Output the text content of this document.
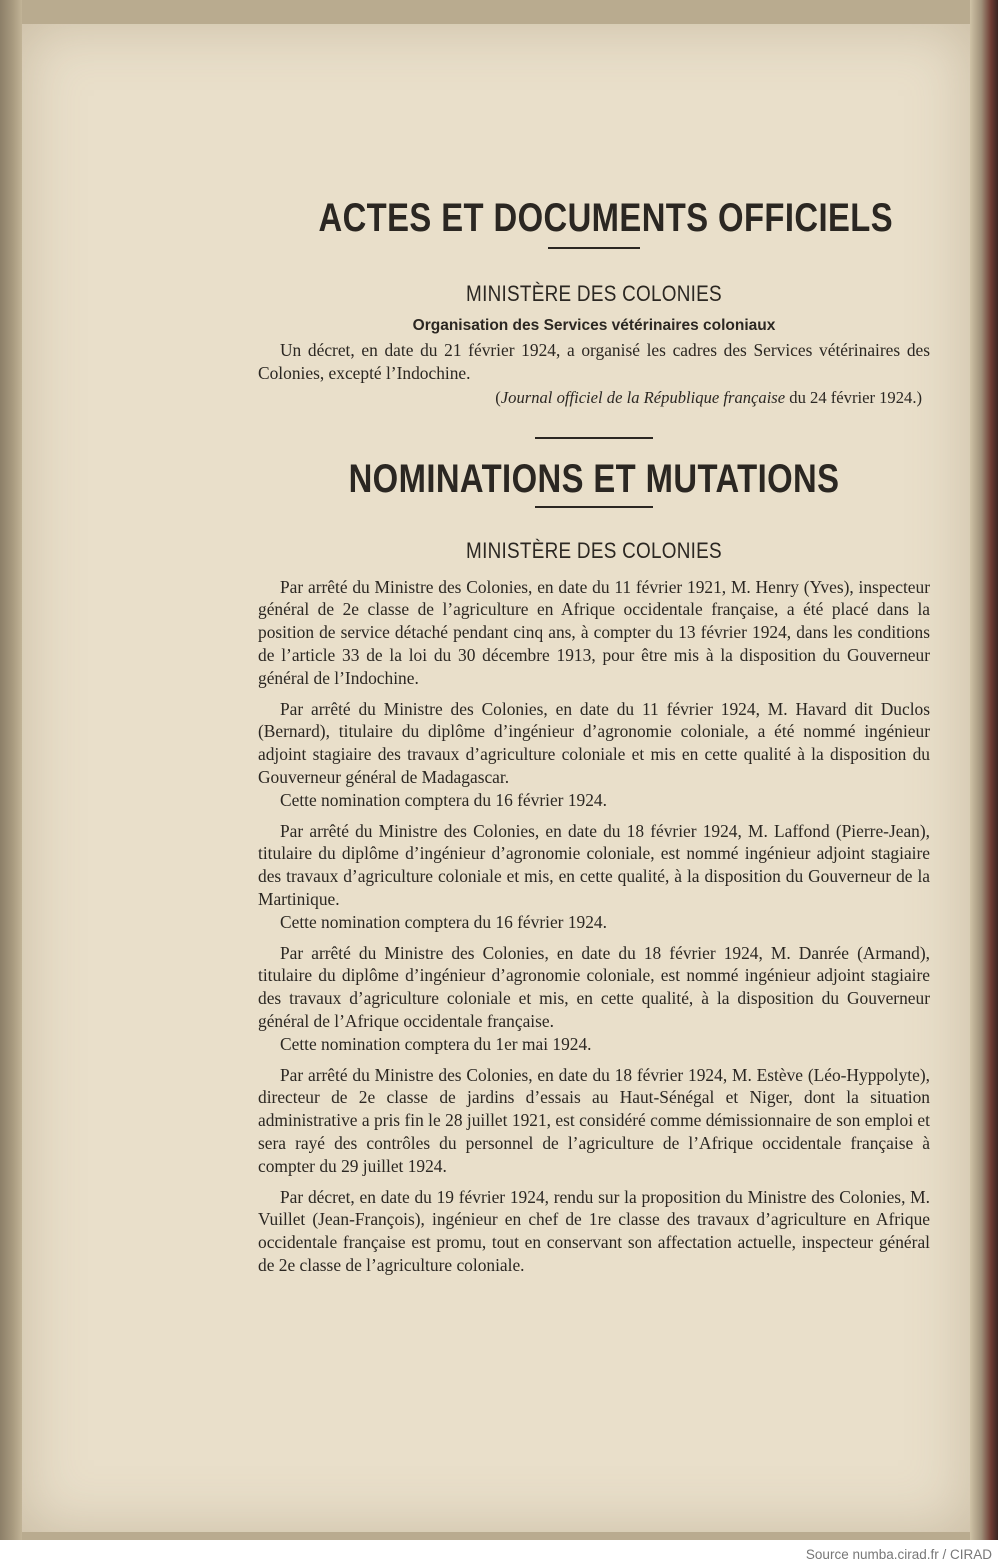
ACTES ET DOCUMENTS OFFICIELS
MINISTÈRE DES COLONIES
Organisation des Services vétérinaires coloniaux

Un décret, en date du 21 février 1924, a organisé les cadres des Services vétérinaires des Colonies, excepté l’Indochine.

(Journal officiel de la République française du 24 février 1924.)
NOMINATIONS ET MUTATIONS
MINISTÈRE DES COLONIES

Par arrêté du Ministre des Colonies, en date du 11 février 1921, M. Henry (Yves), inspecteur général de 2e classe de l’agriculture en Afrique occidentale française, a été placé dans la position de service détaché pendant cinq ans, à compter du 13 février 1924, dans les conditions de l’article 33 de la loi du 30 décembre 1913, pour être mis à la disposition du Gouverneur général de l’Indochine.

Par arrêté du Ministre des Colonies, en date du 11 février 1924, M. Havard dit Duclos (Bernard), titulaire du diplôme d’ingénieur d’agronomie coloniale, a été nommé ingénieur adjoint stagiaire des travaux d’agriculture coloniale et mis en cette qualité à la disposition du Gouverneur général de Madagascar.

Cette nomination comptera du 16 février 1924.

Par arrêté du Ministre des Colonies, en date du 18 février 1924, M. Laffond (Pierre-Jean), titulaire du diplôme d’ingénieur d’agronomie coloniale, est nommé ingénieur adjoint stagiaire des travaux d’agriculture coloniale et mis, en cette qualité, à la disposition du Gouverneur de la Martinique.

Cette nomination comptera du 16 février 1924.

Par arrêté du Ministre des Colonies, en date du 18 février 1924, M. Danrée (Armand), titulaire du diplôme d’ingénieur d’agronomie coloniale, est nommé ingénieur adjoint stagiaire des travaux d’agriculture coloniale et mis, en cette qualité, à la disposition du Gouverneur général de l’Afrique occidentale française.

Cette nomination comptera du 1er mai 1924.

Par arrêté du Ministre des Colonies, en date du 18 février 1924, M. Estève (Léo-Hyppolyte), directeur de 2e classe de jardins d’essais au Haut-Sénégal et Niger, dont la situation administrative a pris fin le 28 juillet 1921, est considéré comme démissionnaire de son emploi et sera rayé des contrôles du personnel de l’agriculture de l’Afrique occidentale française à compter du 29 juillet 1924.

Par décret, en date du 19 février 1924, rendu sur la proposition du Ministre des Colonies, M. Vuillet (Jean-François), ingénieur en chef de 1re classe des travaux d’agriculture en Afrique occidentale française est promu, tout en conservant son affectation actuelle, inspecteur général de 2e classe de l’agriculture coloniale.

Source numba.cirad.fr / CIRAD
